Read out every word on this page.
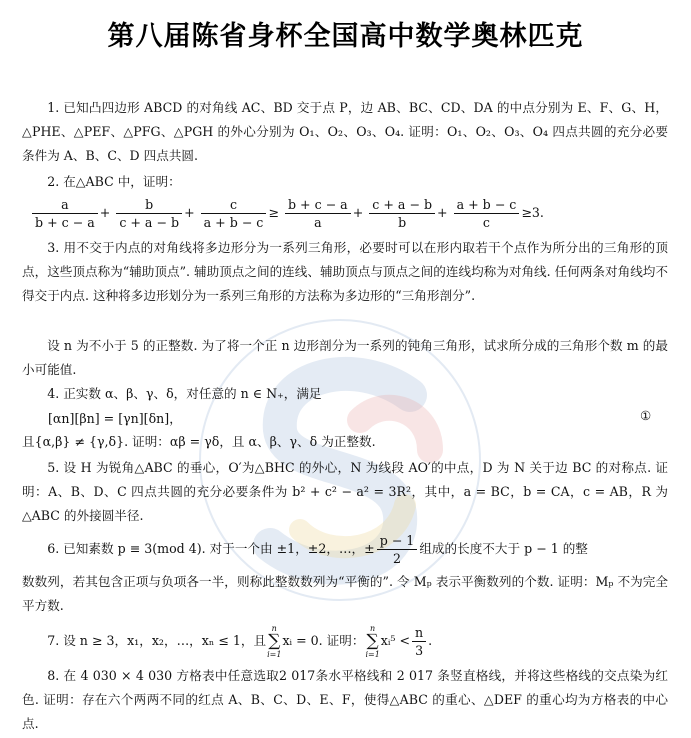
第八届陈省身杯全国高中数学奥林匹克

1. 已知凸四边形 ABCD 的对角线 AC、BD 交于点 P，边 AB、BC、CD、DA 的中点分别为 E、F、G、H，△PHE、△PEF、△PFG、△PGH 的外心分别为 O₁、O₂、O₃、O₄. 证明：O₁、O₂、O₃、O₄ 四点共圆的充分必要条件为 A、B、C、D 四点共圆.

2. 在△ABC 中，证明：

$\frac{a}{b + c - a} + \frac{b}{c + a - b} + \frac{c}{a + b - c} \ge \frac{b + c - a}{a} + \frac{c + a - b}{b} + \frac{a + b - c}{c} \ge 3$.

3. 用不交于内点的对角线将多边形分为一系列三角形，必要时可以在形内取若干个点作为所分出的三角形的顶点，这些顶点称为“辅助顶点”. 辅助顶点之间的连线、辅助顶点与顶点之间的连线均称为对角线. 任何两条对角线均不得交于内点. 这种将多边形划分为一系列三角形的方法称为多边形的“三角形剖分”.

设 n 为不小于 5 的正整数. 为了将一个正 n 边形剖分为一系列的钝角三角形，试求所分成的三角形个数 m 的最小可能值.

4. 正实数 α、β、γ、δ，对任意的 n ∈ N₊，满足

[αn][βn] = [γn][δn]，	①

且{α,β} ≠ {γ,δ}. 证明：αβ = γδ，且 α、β、γ、δ 为正整数.

5. 设 H 为锐角△ABC 的垂心，O′为△BHC 的外心，N 为线段 AO′的中点，D 为 N 关于边 BC 的对称点. 证明：A、B、D、C 四点共圆的充分必要条件为 b² + c² − a² = 3R²，其中，a = BC，b = CA，c = AB，R 为△ABC 的外接圆半径.

6. 已知素数 p ≡ 3(mod 4). 对于一个由 ±1，±2，…，± $\frac{p - 1}{2}$ 组成的长度不大于 p − 1 的整

数数列，若其包含正项与负项各一半，则称此整数数列为“平衡的”. 令 Mₚ 表示平衡数列的个数. 证明：Mₚ 不为完全平方数.

7. 设 n ≥ 3，x₁，x₂，…，xₙ ≤ 1，且
n
∑
i=1
xᵢ = 0. 证明：
n
∑
i=1
xᵢ⁵ < $\frac{n}{3}$ .

8. 在 4 030 × 4 030 方格表中任意选取2 017条水平格线和 2 017 条竖直格线，并将这些格线的交点染为红色. 证明：存在六个两两不同的红点 A、B、C、D、E、F，使得△ABC 的重心、△DEF 的重心均为方格表的中心点.
